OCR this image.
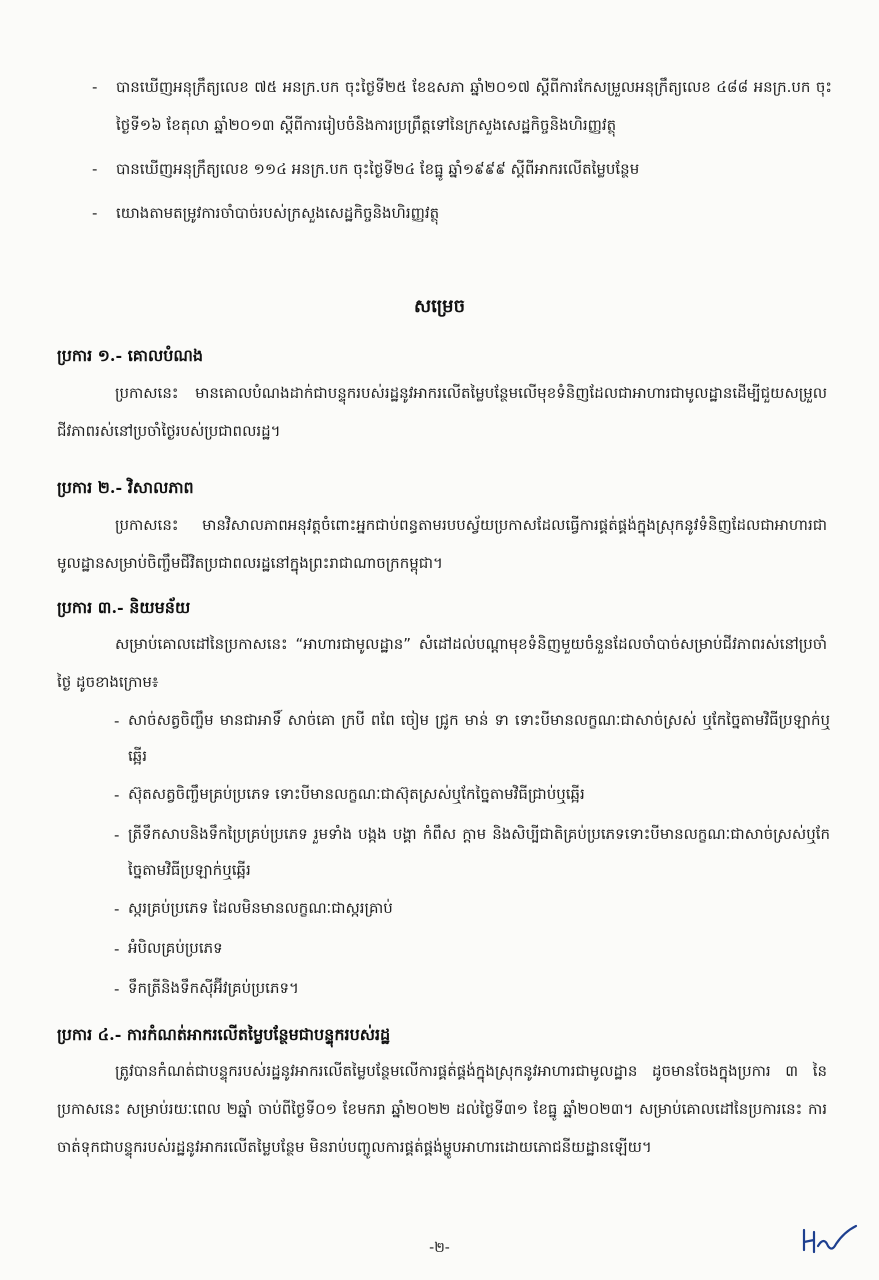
-	បានឃើញអនុក្រឹត្យលេខ ៧៥ អនក្រ.បក ចុះថ្ងៃទី២៥ ខែឧសភា ឆ្នាំ២០១៧ ស្ដីពីការកែសម្រួលអនុក្រឹត្យលេខ ៤៨៨ អនក្រ.បក ចុះថ្ងៃទី១៦ ខែតុលា ឆ្នាំ២០១៣ ស្ដីពីការរៀបចំនិងការប្រព្រឹត្តទៅនៃក្រសួងសេដ្ឋកិច្ចនិងហិរញ្ញវត្ថុ
-	បានឃើញអនុក្រឹត្យលេខ ១១៤ អនក្រ.បក ចុះថ្ងៃទី២៤ ខែធ្នូ ឆ្នាំ១៩៩៩ ស្ដីពីអាករលើតម្លៃបន្ថែម
-	យោងតាមតម្រូវការចាំបាច់របស់ក្រសួងសេដ្ឋកិច្ចនិងហិរញ្ញវត្ថុ
សម្រេច
ប្រការ ១.- គោលបំណង
ប្រកាសនេះ មានគោលបំណងដាក់ជាបន្ទុករបស់រដ្ឋនូវអាករលើតម្លៃបន្ថែមលើមុខទំនិញដែលជាអាហារជាមូលដ្ឋានដើម្បីជួយសម្រួលជីវភាពរស់នៅប្រចាំថ្ងៃរបស់ប្រជាពលរដ្ឋ។
ប្រការ ២.- វិសាលភាព
ប្រកាសនេះ មានវិសាលភាពអនុវត្តចំពោះអ្នកជាប់ពន្ធតាមរបបស្វ័យប្រកាសដែលធ្វើការផ្គត់ផ្គង់ក្នុងស្រុកនូវទំនិញដែលជាអាហារជាមូលដ្ឋានសម្រាប់ចិញ្ចឹមជីវិតប្រជាពលរដ្ឋនៅក្នុងព្រះរាជាណាចក្រកម្ពុជា។
ប្រការ ៣.- និយមន័យ
សម្រាប់គោលដៅនៃប្រកាសនេះ “អាហារជាមូលដ្ឋាន” សំដៅដល់បណ្ដាមុខទំនិញមួយចំនួនដែលចាំបាច់សម្រាប់ជីវភាពរស់នៅប្រចាំថ្ងៃ ដូចខាងក្រោម៖
- សាច់សត្វចិញ្ចឹម មានជាអាទិ៍ សាច់គោ ក្របី ពពែ ចៀម ជ្រូក មាន់ ទា ទោះបីមានលក្ខណៈជាសាច់ស្រស់ ឬកែច្នៃតាមវិធីប្រឡាក់ឬឆ្អើរ
- ស៊ុតសត្វចិញ្ចឹមគ្រប់ប្រភេទ ទោះបីមានលក្ខណៈជាស៊ុតស្រស់ឬកែច្នៃតាមវិធីជ្រាប់ឬឆ្អើរ
- ត្រីទឹកសាបនិងទឹកប្រៃគ្រប់ប្រភេទ រួមទាំង បង្កង បង្គា កំពឹស ក្ដាម និងសិប្បីជាតិគ្រប់ប្រភេទទោះបីមានលក្ខណៈជាសាច់ស្រស់ឬកែច្នៃតាមវិធីប្រឡាក់ឬឆ្អើរ
- ស្ករគ្រប់ប្រភេទ ដែលមិនមានលក្ខណៈជាស្ករគ្រាប់
- អំបិលគ្រប់ប្រភេទ
- ទឹកត្រីនិងទឹកស៊ីអ៊ីវគ្រប់ប្រភេទ។
ប្រការ ៤.- ការកំណត់អាករលើតម្លៃបន្ថែមជាបន្ទុករបស់រដ្ឋ
ត្រូវបានកំណត់ជាបន្ទុករបស់រដ្ឋនូវអាករលើតម្លៃបន្ថែមលើការផ្គត់ផ្គង់ក្នុងស្រុកនូវអាហារជាមូលដ្ឋាន ដូចមានចែងក្នុងប្រការ ៣ នៃប្រកាសនេះ សម្រាប់រយៈពេល ២ឆ្នាំ ចាប់ពីថ្ងៃទី០១ ខែមករា ឆ្នាំ២០២២ ដល់ថ្ងៃទី៣១ ខែធ្នូ ឆ្នាំ២០២៣។ សម្រាប់គោលដៅនៃប្រការនេះ ការចាត់ទុកជាបន្ទុករបស់រដ្ឋនូវអាករលើតម្លៃបន្ថែម មិនរាប់បញ្ចូលការផ្គត់ផ្គង់ម្ហូបអាហារដោយភោជនីយដ្ឋានឡើយ។
-២-
